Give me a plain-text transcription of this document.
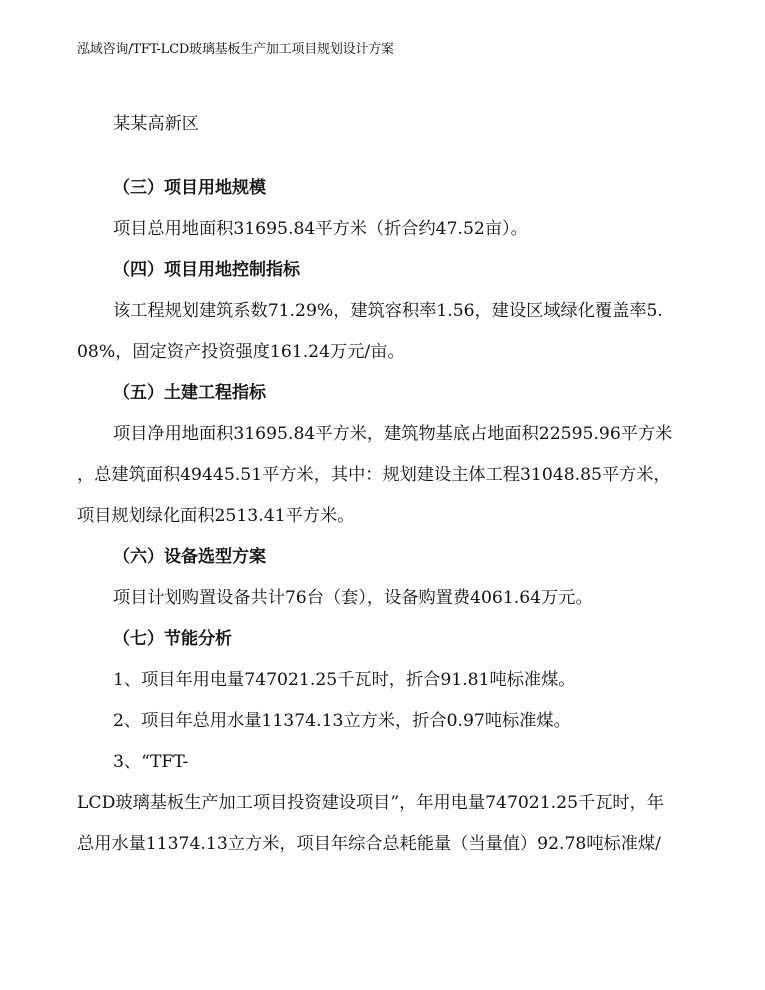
泓域咨询/TFT-LCD玻璃基板生产加工项目规划设计方案
某某高新区
（三）项目用地规模
项目总用地面积31695.84平方米（折合约47.52亩）。
（四）项目用地控制指标
该工程规划建筑系数71.29%，建筑容积率1.56，建设区域绿化覆盖率5.
08%，固定资产投资强度161.24万元/亩。
（五）土建工程指标
项目净用地面积31695.84平方米，建筑物基底占地面积22595.96平方米
，总建筑面积49445.51平方米，其中：规划建设主体工程31048.85平方米，
项目规划绿化面积2513.41平方米。
（六）设备选型方案
项目计划购置设备共计76台（套），设备购置费4061.64万元。
（七）节能分析
1、项目年用电量747021.25千瓦时，折合91.81吨标准煤。
2、项目年总用水量11374.13立方米，折合0.97吨标准煤。
3、“TFT-
LCD玻璃基板生产加工项目投资建设项目”，年用电量747021.25千瓦时，年
总用水量11374.13立方米，项目年综合总耗能量（当量值）92.78吨标准煤/
